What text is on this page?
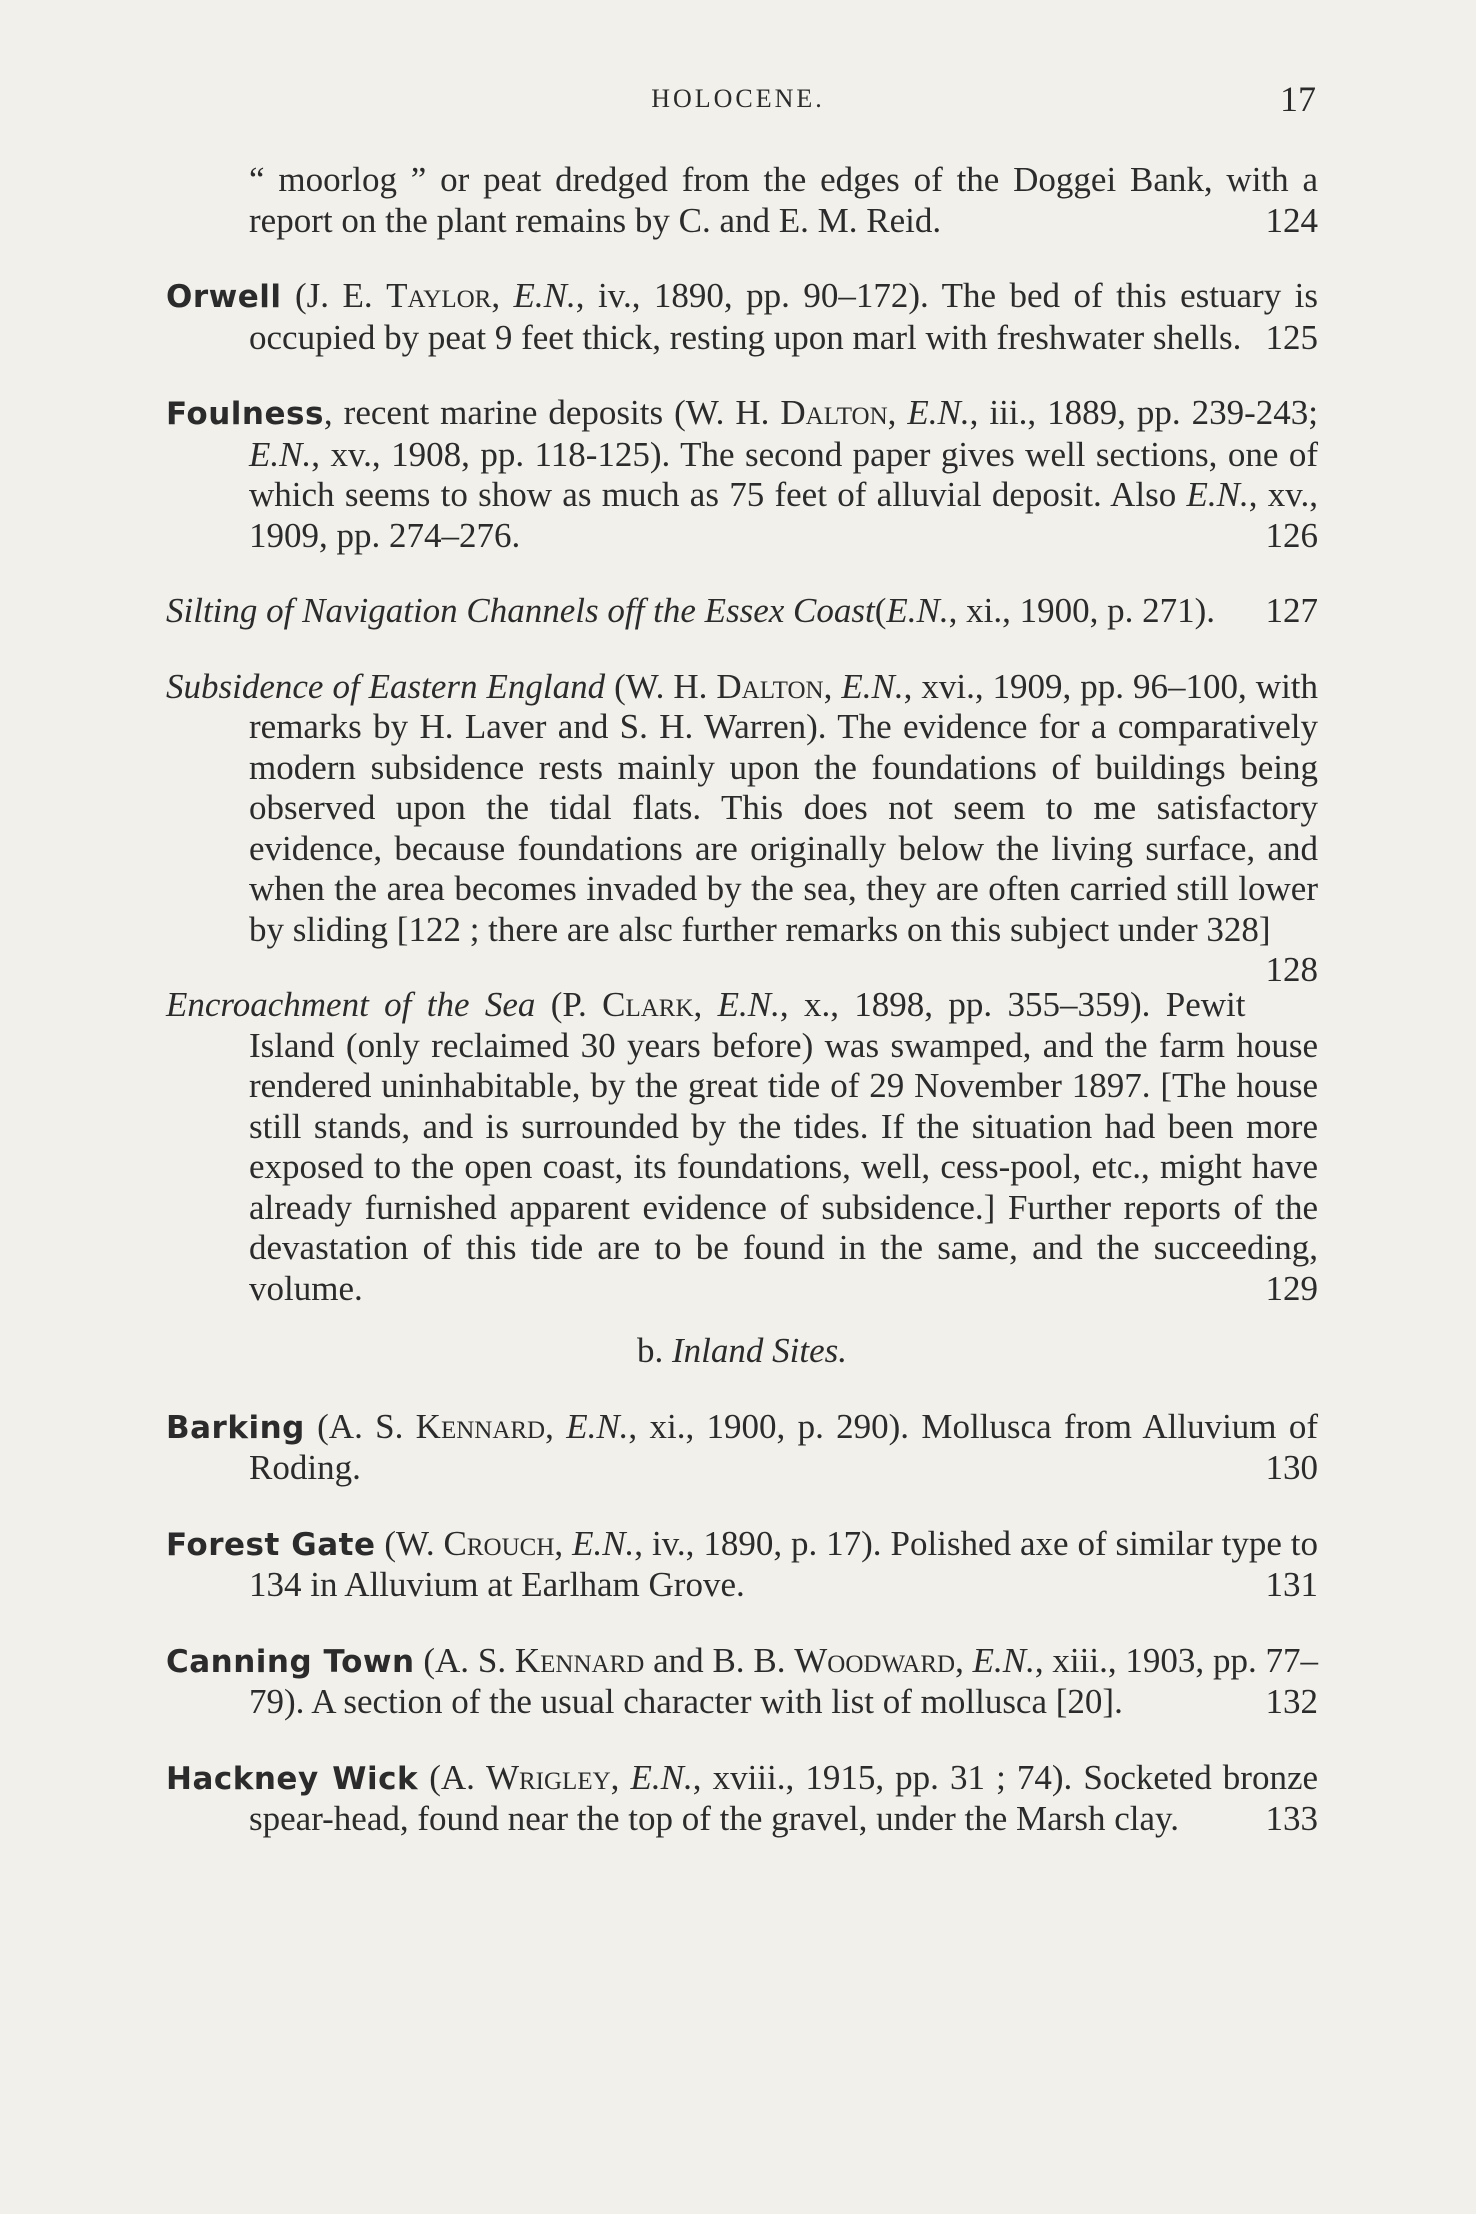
HOLOCENE.	17

“ moorlog ” or peat dredged from the edges of the Doggei Bank, with a report on the plant remains by C. and E. M. Reid.	124

Orwell (J. E. Taylor, E.N., iv., 1890, pp. 90–172). The bed of this estuary is occupied by peat 9 feet thick, resting upon marl with freshwater shells. 125

Foulness, recent marine deposits (W. H. Dalton, E.N., iii., 1889, pp. 239-243; E.N., xv., 1908, pp. 118-125). The second paper gives well sections, one of which seems to show as much as 75 feet of alluvial deposit. Also E.N., xv., 1909, pp. 274–276.	126

Silting of Navigation Channels off the Essex Coast(E.N., xi., 1900, p. 271).	127

Subsidence of Eastern England (W. H. Dalton, E.N., xvi., 1909, pp. 96–100, with remarks by H. Laver and S. H. Warren). The evidence for a comparatively modern subsidence rests mainly upon the foundations of buildings being observed upon the tidal flats. This does not seem to me satisfactory evidence, because foundations are originally below the living surface, and when the area becomes invaded by the sea, they are often carried still lower by sliding [122 ; there are alsc further remarks on this subject under 328]
128

Encroachment of the Sea (P. Clark, E.N., x., 1898, pp. 355–359). Pewit Island (only reclaimed 30 years before) was swamped, and the farm house rendered uninhabitable, by the great tide of 29 November 1897. [The house still stands, and is surrounded by the tides. If the situation had been more exposed to the open coast, its foundations, well, cess-pool, etc., might have already furnished apparent evidence of subsidence.] Further reports of the devastation of this tide are to be found in the same, and the succeeding, volume.	129

b. Inland Sites.

Barking (A. S. Kennard, E.N., xi., 1900, p. 290). Mollusca from Alluvium of Roding.	130

Forest Gate (W. Crouch, E.N., iv., 1890, p. 17). Polished axe of similar type to 134 in Alluvium at Earlham Grove.	131

Canning Town (A. S. Kennard and B. B. Woodward, E.N., xiii., 1903, pp. 77–79). A section of the usual character with list of mollusca [20].	132

Hackney Wick (A. Wrigley, E.N., xviii., 1915, pp. 31 ; 74). Socketed bronze spear-head, found near the top of the gravel, under the Marsh clay.	133
